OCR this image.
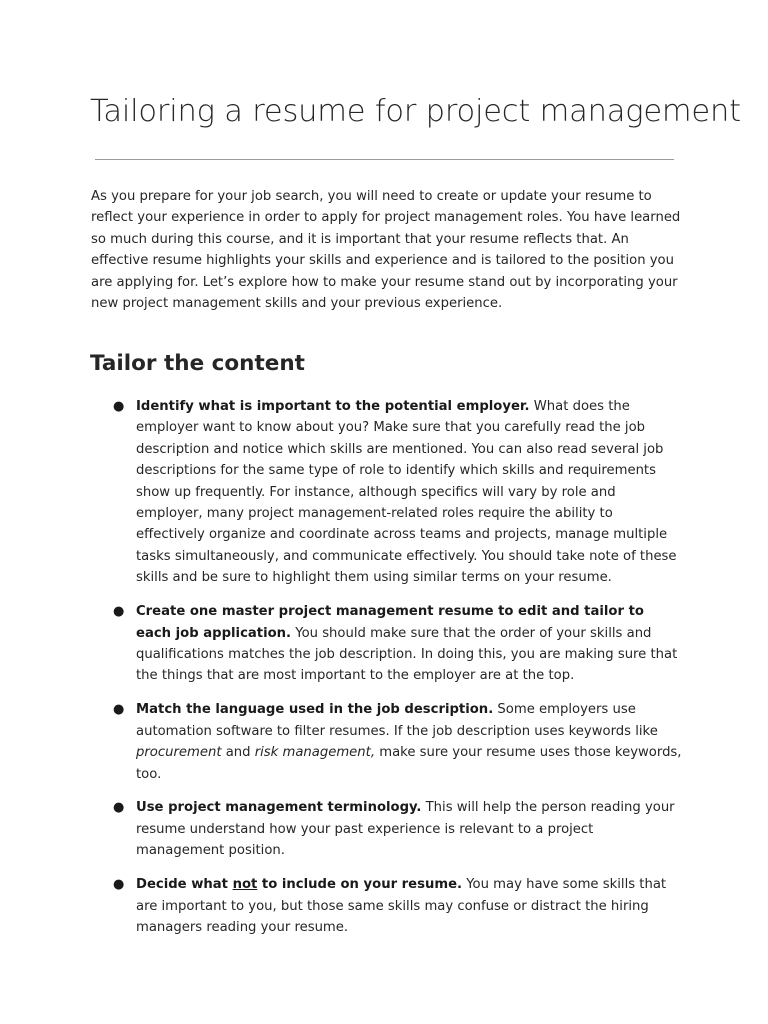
Tailoring a resume for project management

As you prepare for your job search, you will need to create or update your resume to reflect your experience in order to apply for project management roles. You have learned so much during this course, and it is important that your resume reflects that. An effective resume highlights your skills and experience and is tailored to the position you are applying for. Let’s explore how to make your resume stand out by incorporating your new project management skills and your previous experience.

Tailor the content
● Identify what is important to the potential employer. What does the employer want to know about you? Make sure that you carefully read the job description and notice which skills are mentioned. You can also read several job descriptions for the same type of role to identify which skills and requirements show up frequently. For instance, although specifics will vary by role and employer, many project management-related roles require the ability to effectively organize and coordinate across teams and projects, manage multiple tasks simultaneously, and communicate effectively. You should take note of these skills and be sure to highlight them using similar terms on your resume.
● Create one master project management resume to edit and tailor to each job application. You should make sure that the order of your skills and qualifications matches the job description. In doing this, you are making sure that the things that are most important to the employer are at the top.
● Match the language used in the job description. Some employers use automation software to filter resumes. If the job description uses keywords like procurement and risk management, make sure your resume uses those keywords, too.
● Use project management terminology. This will help the person reading your resume understand how your past experience is relevant to a project management position.
● Decide what not to include on your resume. You may have some skills that are important to you, but those same skills may confuse or distract the hiring managers reading your resume.
